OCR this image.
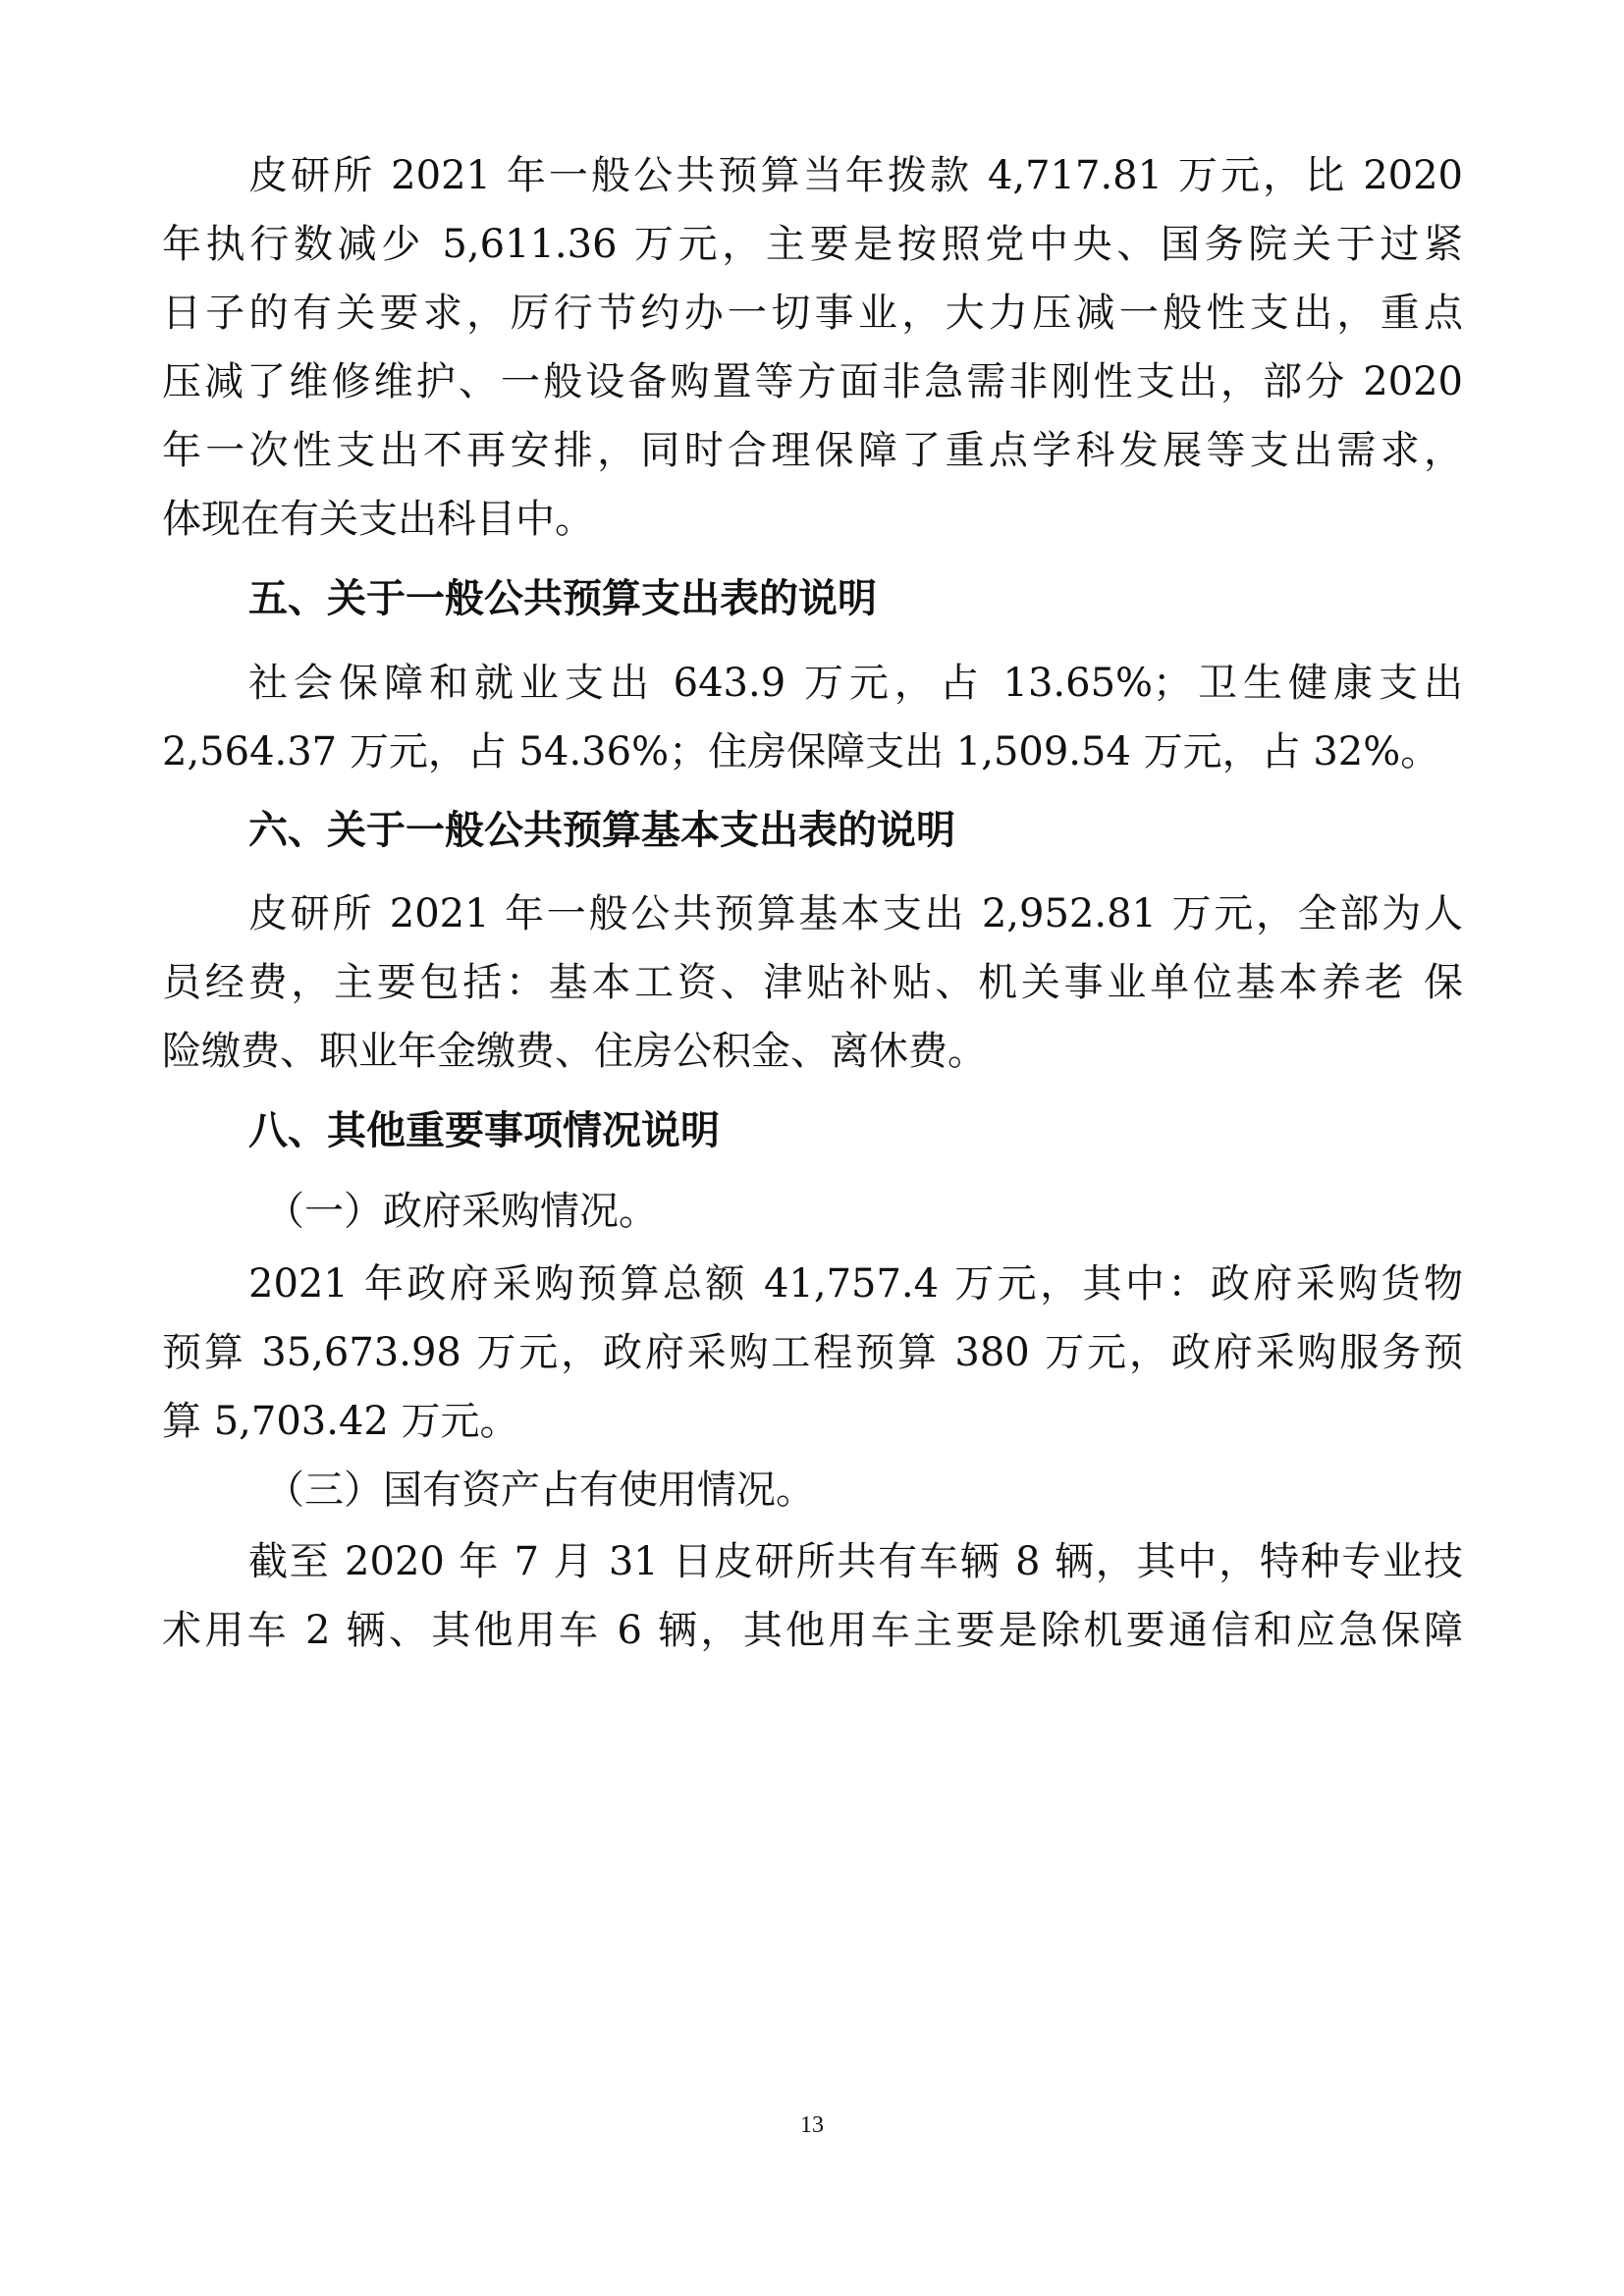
皮研所 2021 年一般公共预算当年拨款 4,717.81 万元，比 2020
年执行数减少 5,611.36 万元，主要是按照党中央、国务院关于过紧
日子的有关要求，厉行节约办一切事业，大力压减一般性支出，重点
压减了维修维护、一般设备购置等方面非急需非刚性支出，部分 2020
年一次性支出不再安排，同时合理保障了重点学科发展等支出需求，
体现在有关支出科目中。
五、关于一般公共预算支出表的说明
社会保障和就业支出 643.9 万元，占 13.65%；卫生健康支出
2,564.37 万元，占 54.36%；住房保障支出 1,509.54 万元，占 32%。
六、关于一般公共预算基本支出表的说明
皮研所 2021 年一般公共预算基本支出 2,952.81 万元，全部为人
员经费，主要包括：基本工资、津贴补贴、机关事业单位基本养老 保
险缴费、职业年金缴费、住房公积金、离休费。
八、其他重要事项情况说明
（一）政府采购情况。
2021 年政府采购预算总额 41,757.4 万元，其中：政府采购货物
预算 35,673.98 万元，政府采购工程预算 380 万元，政府采购服务预
算 5,703.42 万元。
（三）国有资产占有使用情况。
截至 2020 年 7 月 31 日皮研所共有车辆 8 辆，其中，特种专业技
术用车 2 辆、其他用车 6 辆，其他用车主要是除机要通信和应急保障
13
